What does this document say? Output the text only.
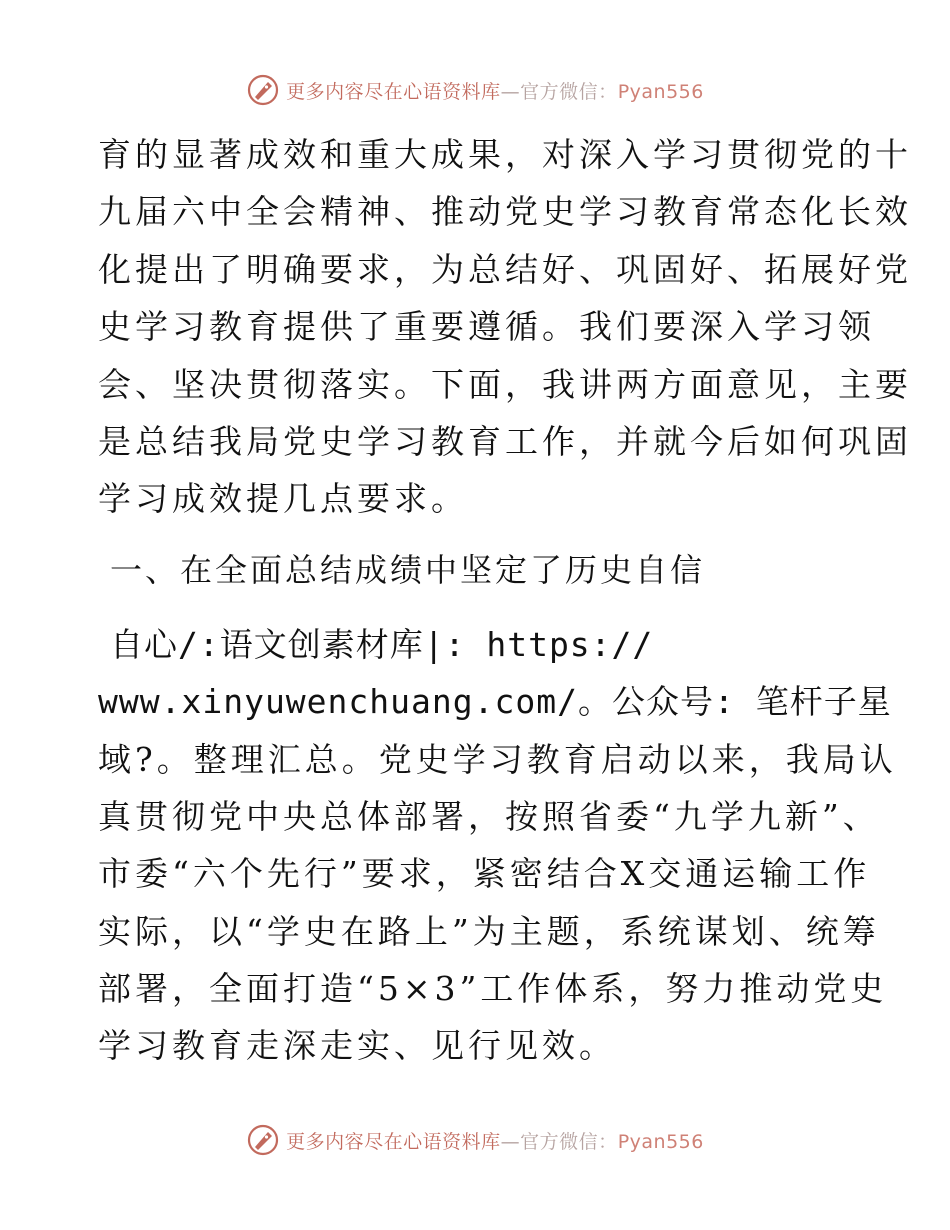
更多内容尽在心语资料库—官方微信：Pyan556
育的显著成效和重大成果，对深入学习贯彻党的十
九届六中全会精神、推动党史学习教育常态化长效
化提出了明确要求，为总结好、巩固好、拓展好党
史学习教育提供了重要遵循。我们要深入学习领
会、坚决贯彻落实。下面，我讲两方面意见，主要
是总结我局党史学习教育工作，并就今后如何巩固
学习成效提几点要求。
一、在全面总结成绩中坚定了历史自信
自心/:语文创素材库|: https://
www.xinyuwenchuang.com/。公众号: 笔杆子星
域?。整理汇总。党史学习教育启动以来，我局认
真贯彻党中央总体部署，按照省委“九学九新”、
市委“六个先行”要求，紧密结合X交通运输工作
实际，以“学史在路上”为主题，系统谋划、统筹
部署，全面打造“5×3”工作体系，努力推动党史
学习教育走深走实、见行见效。
更多内容尽在心语资料库—官方微信：Pyan556
